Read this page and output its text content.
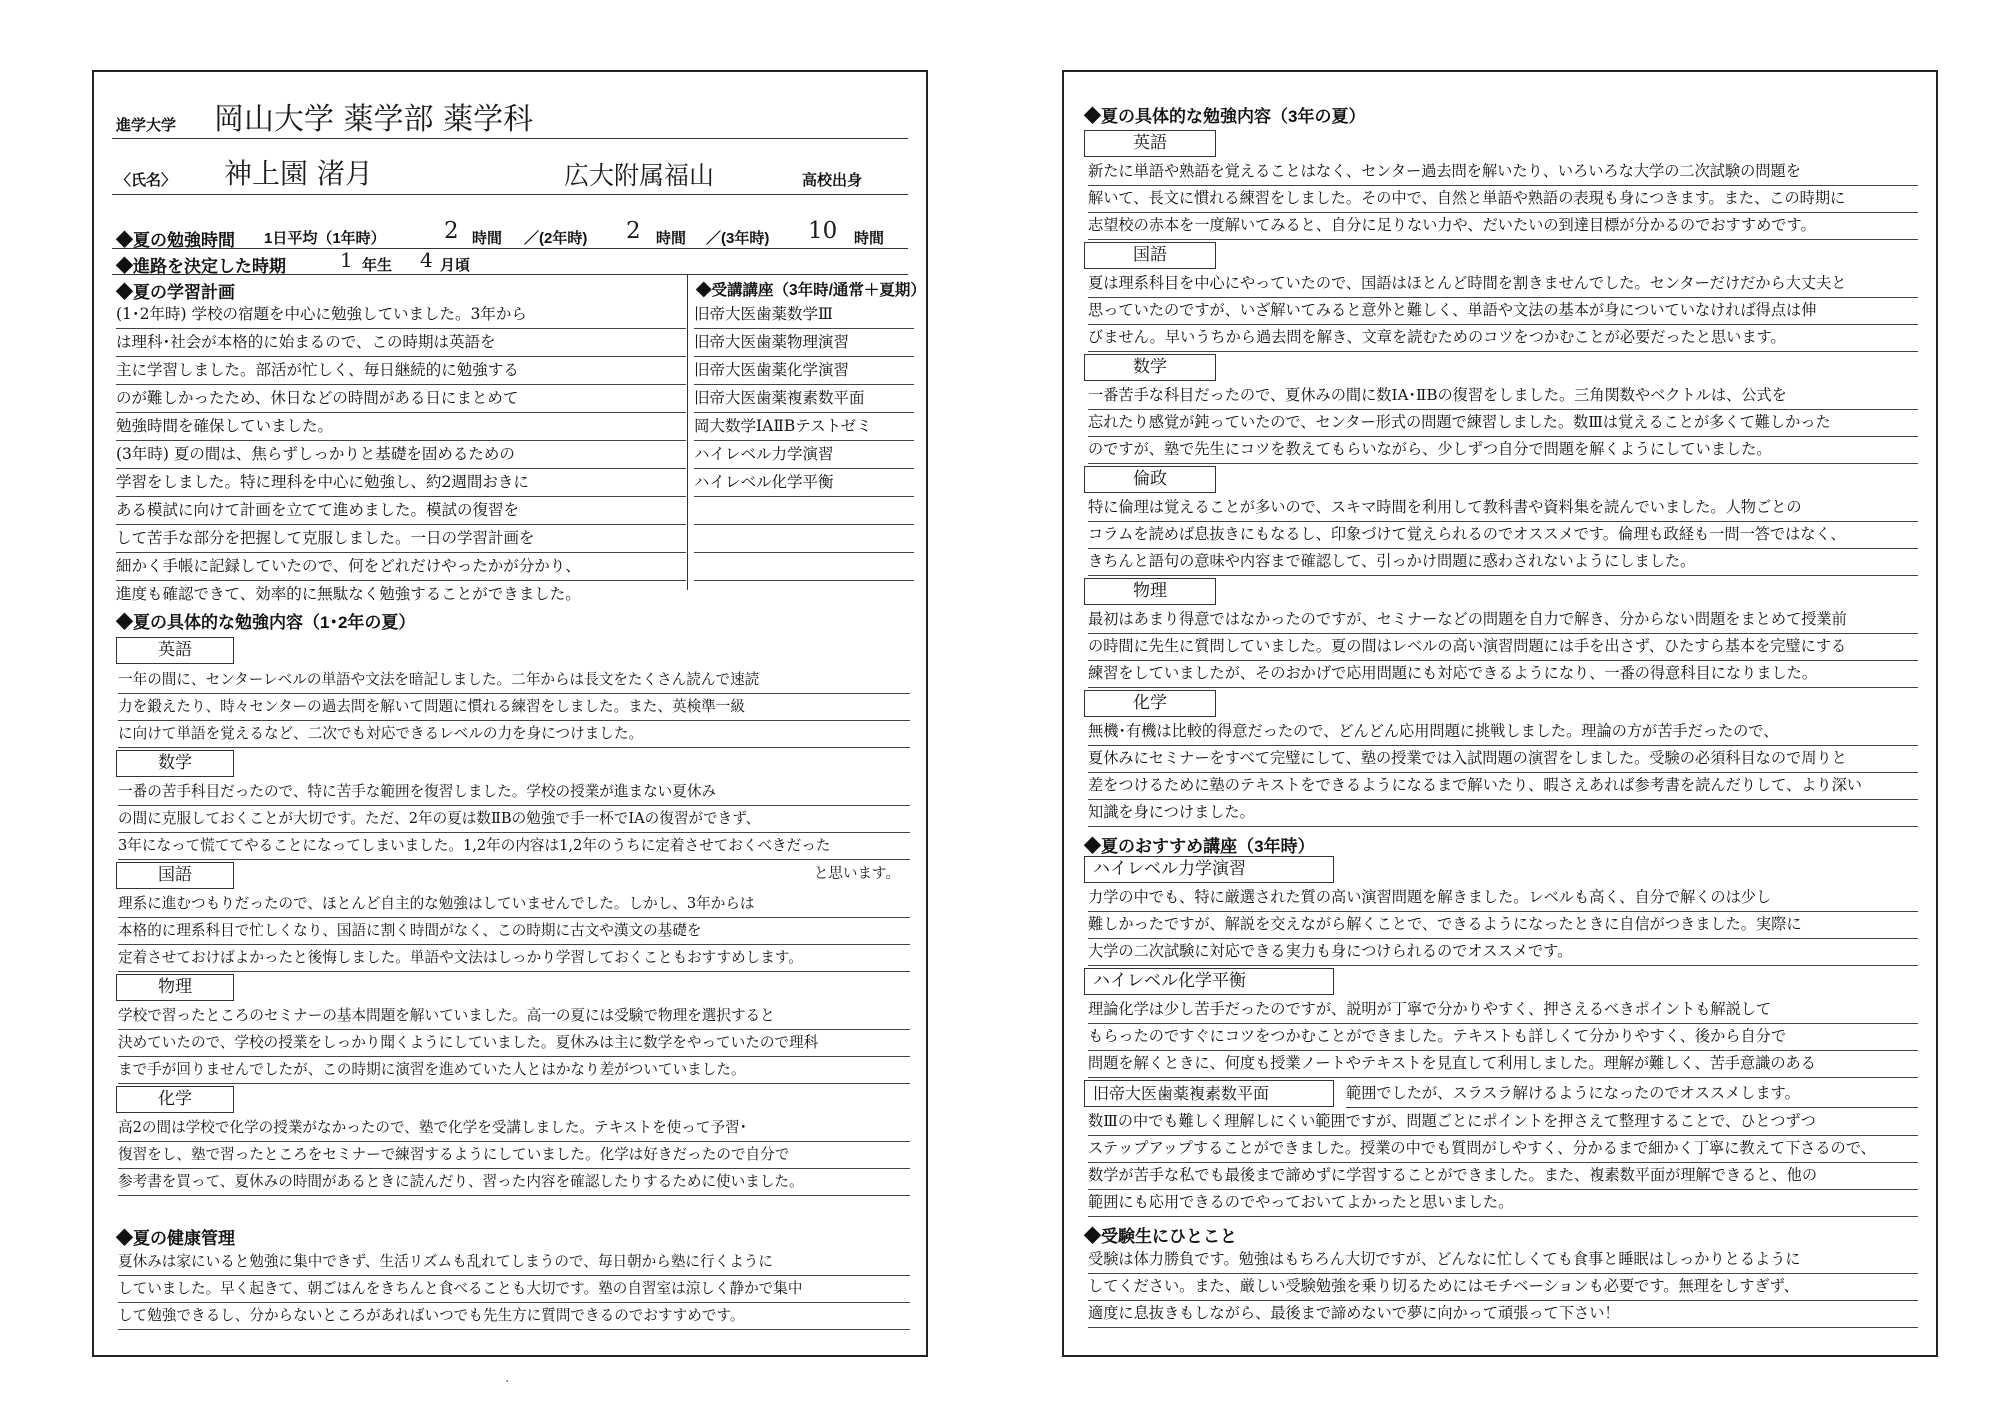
進学大学 岡山大学 薬学部 薬学科
〈氏名〉 神上園 渚月	広大附属福山	高校出身
◆夏の勉強時間 1日平均（1年時）	2 時間 ／(2年時) 2 時間 ／(3年時) 10 時間
◆進路を決定した時期	1 年生 4 月頃
◆夏の学習計画	◆受講講座（3年時/通常＋夏期）
(1･2年時) 学校の宿題を中心に勉強していました。3年から
は理科･社会が本格的に始まるので、この時期は英語を
主に学習しました。部活が忙しく、毎日継続的に勉強する
のが難しかったため、休日などの時間がある日にまとめて
勉強時間を確保していました。
(3年時) 夏の間は、焦らずしっかりと基礎を固めるための
学習をしました。特に理科を中心に勉強し、約2週間おきに
ある模試に向けて計画を立てて進めました。模試の復習を
して苦手な部分を把握して克服しました。一日の学習計画を
細かく手帳に記録していたので、何をどれだけやったかが分かり、
進度も確認できて、効率的に無駄なく勉強することができました。
旧帝大医歯薬数学Ⅲ
旧帝大医歯薬物理演習
旧帝大医歯薬化学演習
旧帝大医歯薬複素数平面
岡大数学ⅠAⅡBテストゼミ
ハイレベル力学演習
ハイレベル化学平衡
◆夏の具体的な勉強内容（1･2年の夏）
英語
一年の間に、センターレベルの単語や文法を暗記しました。二年からは長文をたくさん読んで速読
力を鍛えたり、時々センターの過去問を解いて問題に慣れる練習をしました。また、英検準一級
に向けて単語を覚えるなど、二次でも対応できるレベルの力を身につけました。
数学
一番の苦手科目だったので、特に苦手な範囲を復習しました。学校の授業が進まない夏休み
の間に克服しておくことが大切です。ただ、2年の夏は数ⅡBの勉強で手一杯でⅠAの復習ができず、
3年になって慌ててやることになってしまいました。1,2年の内容は1,2年のうちに定着させておくべきだった
と思います。
国語
理系に進むつもりだったので、ほとんど自主的な勉強はしていませんでした。しかし、3年からは
本格的に理系科目で忙しくなり、国語に割く時間がなく、この時期に古文や漢文の基礎を
定着させておけばよかったと後悔しました。単語や文法はしっかり学習しておくこともおすすめします。
物理
学校で習ったところのセミナーの基本問題を解いていました。高一の夏には受験で物理を選択すると
決めていたので、学校の授業をしっかり聞くようにしていました。夏休みは主に数学をやっていたので理科
まで手が回りませんでしたが、この時期に演習を進めていた人とはかなり差がついていました。
化学
高2の間は学校で化学の授業がなかったので、塾で化学を受講しました。テキストを使って予習･
復習をし、塾で習ったところをセミナーで練習するようにしていました。化学は好きだったので自分で
参考書を買って、夏休みの時間があるときに読んだり、習った内容を確認したりするために使いました。
◆夏の健康管理
夏休みは家にいると勉強に集中できず、生活リズムも乱れてしまうので、毎日朝から塾に行くように
していました。早く起きて、朝ごはんをきちんと食べることも大切です。塾の自習室は涼しく静かで集中
して勉強できるし、分からないところがあればいつでも先生方に質問できるのでおすすめです。
·
◆夏の具体的な勉強内容（3年の夏）
英語
新たに単語や熟語を覚えることはなく、センター過去問を解いたり、いろいろな大学の二次試験の問題を
解いて、長文に慣れる練習をしました。その中で、自然と単語や熟語の表現も身につきます。また、この時期に
志望校の赤本を一度解いてみると、自分に足りない力や、だいたいの到達目標が分かるのでおすすめです。
国語
夏は理系科目を中心にやっていたので、国語はほとんど時間を割きませんでした。センターだけだから大丈夫と
思っていたのですが、いざ解いてみると意外と難しく、単語や文法の基本が身についていなければ得点は伸
びません。早いうちから過去問を解き、文章を読むためのコツをつかむことが必要だったと思います。
数学
一番苦手な科目だったので、夏休みの間に数ⅠA･ⅡBの復習をしました。三角関数やベクトルは、公式を
忘れたり感覚が鈍っていたので、センター形式の問題で練習しました。数Ⅲは覚えることが多くて難しかった
のですが、塾で先生にコツを教えてもらいながら、少しずつ自分で問題を解くようにしていました。
倫政
特に倫理は覚えることが多いので、スキマ時間を利用して教科書や資料集を読んでいました。人物ごとの
コラムを読めば息抜きにもなるし、印象づけて覚えられるのでオススメです。倫理も政経も一問一答ではなく、
きちんと語句の意味や内容まで確認して、引っかけ問題に惑わされないようにしました。
物理
最初はあまり得意ではなかったのですが、セミナーなどの問題を自力で解き、分からない問題をまとめて授業前
の時間に先生に質問していました。夏の間はレベルの高い演習問題には手を出さず、ひたすら基本を完璧にする
練習をしていましたが、そのおかげで応用問題にも対応できるようになり、一番の得意科目になりました。
化学
無機･有機は比較的得意だったので、どんどん応用問題に挑戦しました。理論の方が苦手だったので、
夏休みにセミナーをすべて完璧にして、塾の授業では入試問題の演習をしました。受験の必須科目なので周りと
差をつけるために塾のテキストをできるようになるまで解いたり、暇さえあれば参考書を読んだりして、より深い
知識を身につけました。
◆夏のおすすめ講座（3年時）
ハイレベル力学演習
力学の中でも、特に厳選された質の高い演習問題を解きました。レベルも高く、自分で解くのは少し
難しかったですが、解説を交えながら解くことで、できるようになったときに自信がつきました。実際に
大学の二次試験に対応できる実力も身につけられるのでオススメです。
ハイレベル化学平衡
理論化学は少し苦手だったのですが、説明が丁寧で分かりやすく、押さえるべきポイントも解説して
もらったのですぐにコツをつかむことができました。テキストも詳しくて分かりやすく、後から自分で
問題を解くときに、何度も授業ノートやテキストを見直して利用しました。理解が難しく、苦手意識のある
旧帝大医歯薬複素数平面	範囲でしたが、スラスラ解けるようになったのでオススメします。
数Ⅲの中でも難しく理解しにくい範囲ですが、問題ごとにポイントを押さえて整理することで、ひとつずつ
ステップアップすることができました。授業の中でも質問がしやすく、分かるまで細かく丁寧に教えて下さるので、
数学が苦手な私でも最後まで諦めずに学習することができました。また、複素数平面が理解できると、他の
範囲にも応用できるのでやっておいてよかったと思いました。
◆受験生にひとこと
受験は体力勝負です。勉強はもちろん大切ですが、どんなに忙しくても食事と睡眠はしっかりとるように
してください。また、厳しい受験勉強を乗り切るためにはモチベーションも必要です。無理をしすぎず、
適度に息抜きもしながら、最後まで諦めないで夢に向かって頑張って下さい！
